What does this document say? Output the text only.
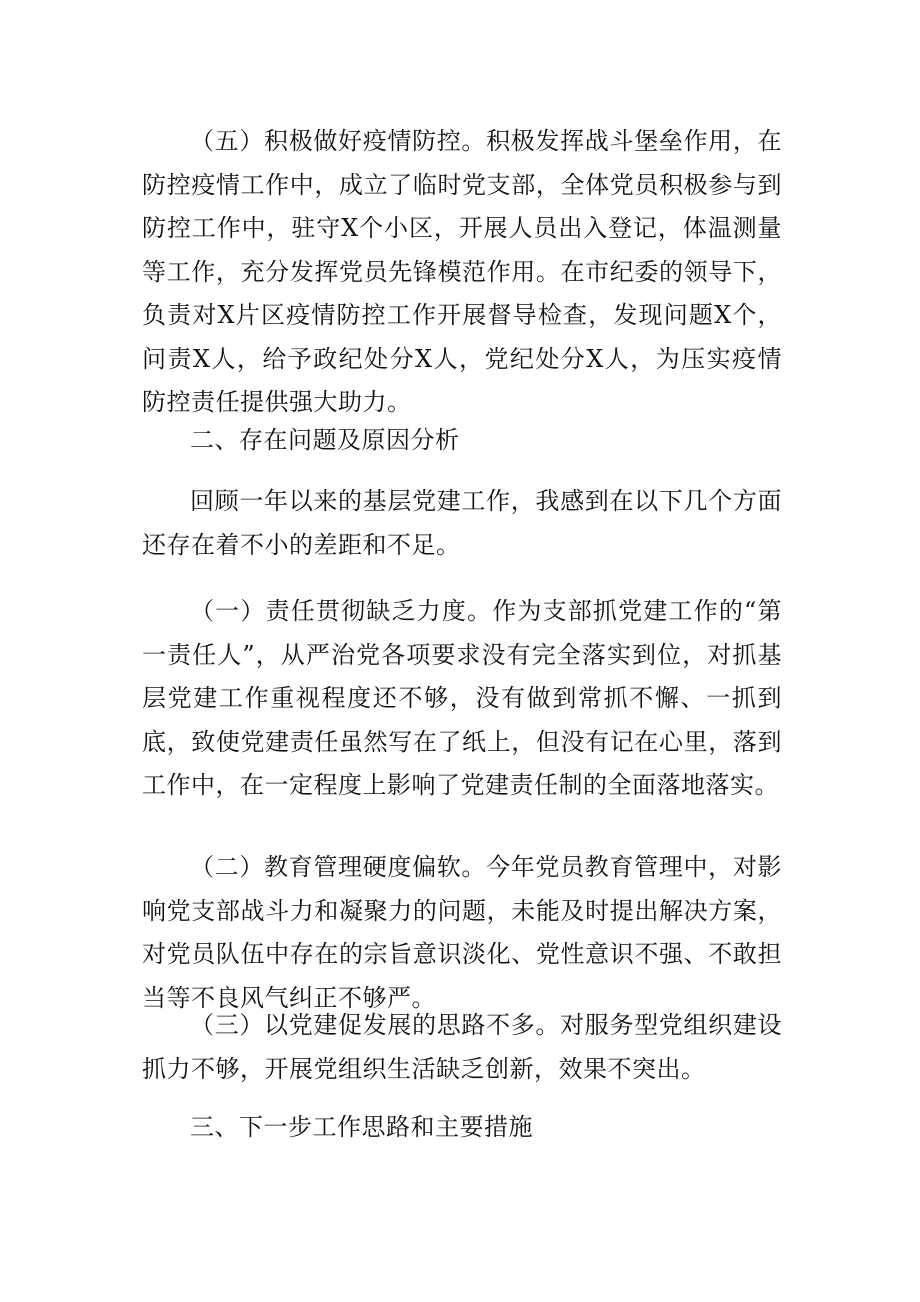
（五）积极做好疫情防控。积极发挥战斗堡垒作用，在防控疫情工作中，成立了临时党支部，全体党员积极参与到防控工作中，驻守X个小区，开展人员出入登记，体温测量等工作，充分发挥党员先锋模范作用。在市纪委的领导下，负责对X片区疫情防控工作开展督导检查，发现问题X个，问责X人，给予政纪处分X人，党纪处分X人，为压实疫情防控责任提供强大助力。

二、存在问题及原因分析

回顾一年以来的基层党建工作，我感到在以下几个方面还存在着不小的差距和不足。

（一）责任贯彻缺乏力度。作为支部抓党建工作的“第一责任人”，从严治党各项要求没有完全落实到位，对抓基层党建工作重视程度还不够，没有做到常抓不懈、一抓到底，致使党建责任虽然写在了纸上，但没有记在心里，落到工作中，在一定程度上影响了党建责任制的全面落地落实。

（二）教育管理硬度偏软。今年党员教育管理中，对影响党支部战斗力和凝聚力的问题，未能及时提出解决方案，对党员队伍中存在的宗旨意识淡化、党性意识不强、不敢担当等不良风气纠正不够严。

（三）以党建促发展的思路不多。对服务型党组织建设抓力不够，开展党组织生活缺乏创新，效果不突出。

三、下一步工作思路和主要措施
